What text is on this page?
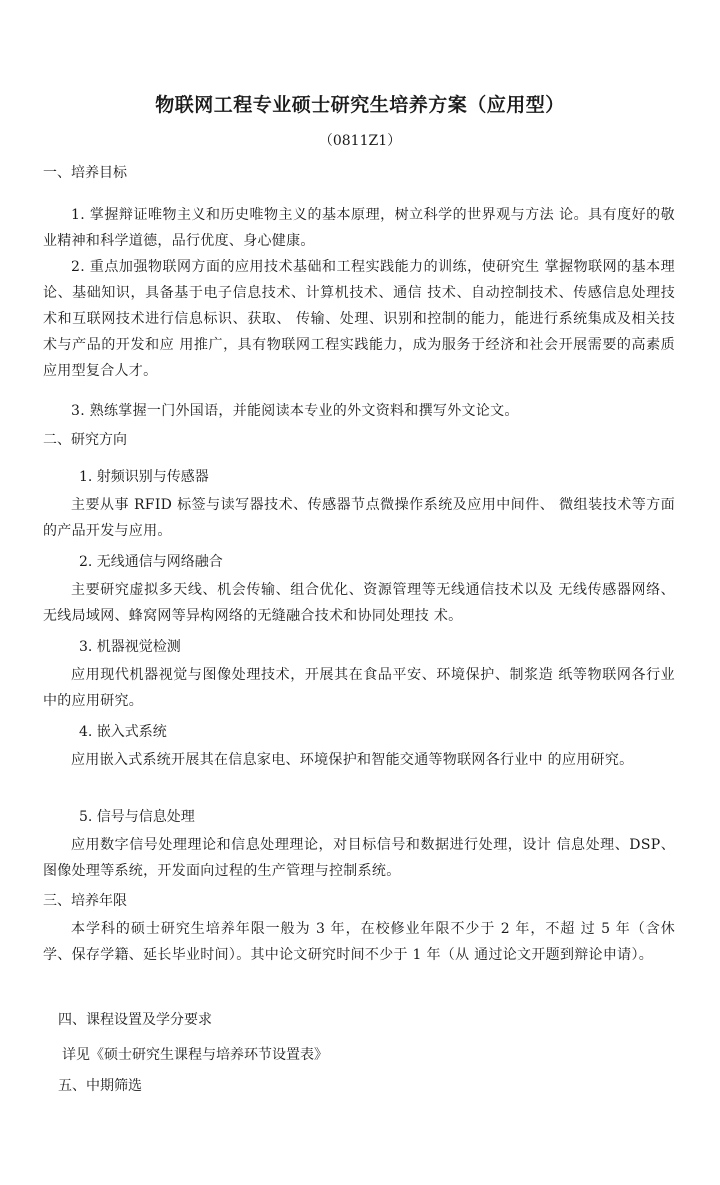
物联网工程专业硕士研究生培养方案（应用型）
（0811Z1）
一、培养目标
1. 掌握辩证唯物主义和历史唯物主义的基本原理，树立科学的世界观与方法 论。具有度好的敬业精神和科学道德，品行优度、身心健康。
2. 重点加强物联网方面的应用技术基础和工程实践能力的训练，使研究生 掌握物联网的基本理论、基础知识，具备基于电子信息技术、计算机技术、通信 技术、自动控制技术、传感信息处理技术和互联网技术进行信息标识、获取、 传输、处理、识别和控制的能力，能进行系统集成及相关技术与产品的开发和应 用推广，具有物联网工程实践能力，成为服务于经济和社会开展需要的高素质 应用型复合人才。
3. 熟练掌握一门外国语，并能阅读本专业的外文资料和撰写外文论文。
二、研究方向
1. 射频识别与传感器
主要从事 RFID 标签与读写器技术、传感器节点微操作系统及应用中间件、 微组装技术等方面的产品开发与应用。
2. 无线通信与网络融合
主要研究虚拟多天线、机会传输、组合优化、资源管理等无线通信技术以及 无线传感器网络、无线局域网、蜂窝网等异构网络的无缝融合技术和协同处理技 术。
3. 机器视觉检测
应用现代机器视觉与图像处理技术，开展其在食品平安、环境保护、制浆造 纸等物联网各行业中的应用研究。
4. 嵌入式系统
应用嵌入式系统开展其在信息家电、环境保护和智能交通等物联网各行业中 的应用研究。
5. 信号与信息处理
应用数字信号处理理论和信息处理理论，对目标信号和数据进行处理，设计 信息处理、DSP、图像处理等系统，开发面向过程的生产管理与控制系统。
三、培养年限
本学科的硕士研究生培养年限一般为 3 年，在校修业年限不少于 2 年，不超 过 5 年（含休学、保存学籍、延长毕业时间）。其中论文研究时间不少于 1 年（从 通过论文开题到辩论申请）。
四、课程设置及学分要求
详见《硕士研究生课程与培养环节设置表》
五、中期筛选
